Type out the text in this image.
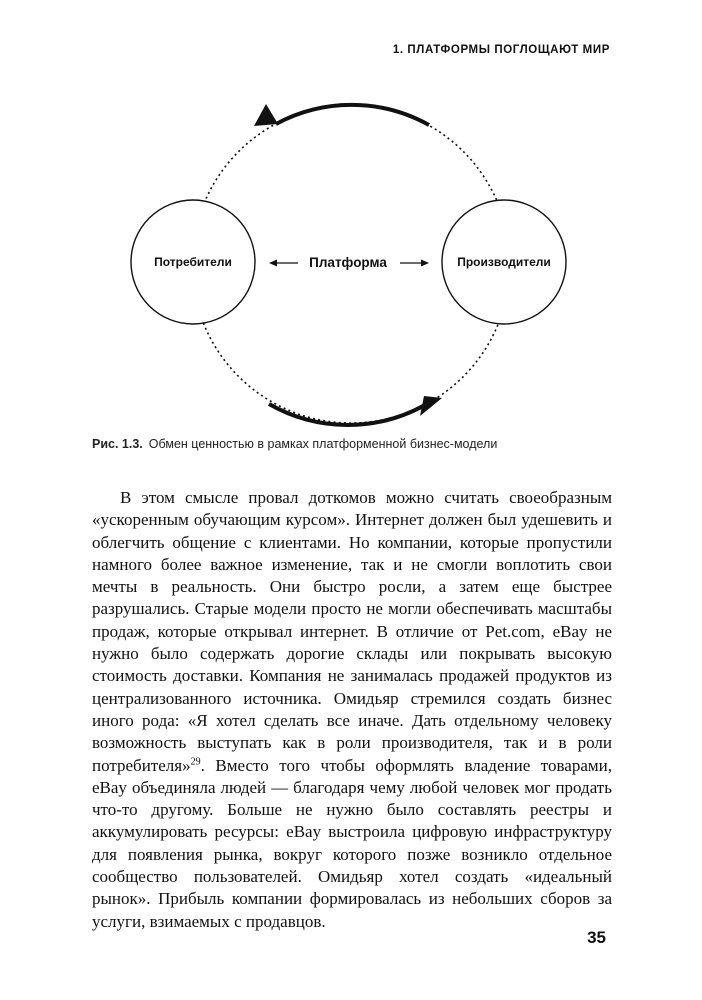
1. ПЛАТФОРМЫ ПОГЛОЩАЮТ МИР
Потребители	Производители
Платформа
Рис. 1.3. Обмен ценностью в рамках платформенной бизнес-модели

В этом смысле провал доткомов можно считать своеобразным «ускоренным обучающим курсом». Интернет должен был удешевить и облегчить общение с клиентами. Но компании, которые пропустили намного более важное изменение, так и не смогли воплотить свои мечты в реальность. Они быстро росли, а затем еще быстрее разрушались. Старые модели просто не могли обеспечивать масштабы продаж, которые открывал интернет. В отличие от Pet.com, eBay не нужно было содержать дорогие склады или покрывать высокую стоимость доставки. Компания не занималась продажей продуктов из централизованного источника. Омидьяр стремился создать бизнес иного рода: «Я хотел сделать все иначе. Дать отдельному человеку возможность выступать как в роли производителя, так и в роли потребителя»$^{29}$. Вместо того чтобы оформлять владение товарами, eBay объединяла людей — благодаря чему любой человек мог продать что-то другому. Больше не нужно было составлять реестры и аккумулировать ресурсы: eBay выстроила цифровую инфраструктуру для появления рынка, вокруг которого позже возникло отдельное сообщество пользователей. Омидьяр хотел создать «идеальный рынок». Прибыль компании формировалась из небольших сборов за услуги, взимаемых с продавцов.

35
